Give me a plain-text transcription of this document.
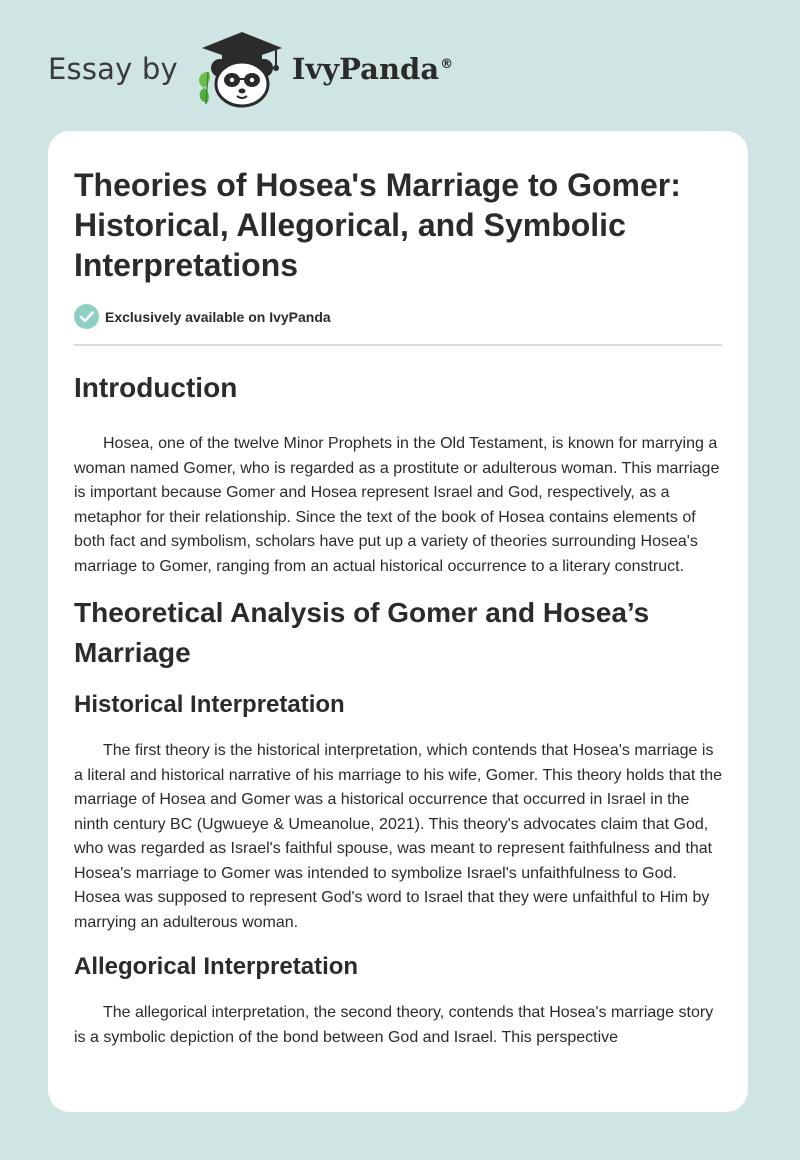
Essay by	IvyPanda®
Theories of Hosea's Marriage to Gomer: Historical, Allegorical, and Symbolic Interpretations
Exclusively available on IvyPanda
Introduction

Hosea, one of the twelve Minor Prophets in the Old Testament, is known for marrying a woman named Gomer, who is regarded as a prostitute or adulterous woman. This marriage is important because Gomer and Hosea represent Israel and God, respectively, as a metaphor for their relationship. Since the text of the book of Hosea contains elements of both fact and symbolism, scholars have put up a variety of theories surrounding Hosea's marriage to Gomer, ranging from an actual historical occurrence to a literary construct.

Theoretical Analysis of Gomer and Hosea’s Marriage
Historical Interpretation

The first theory is the historical interpretation, which contends that Hosea's marriage is a literal and historical narrative of his marriage to his wife, Gomer. This theory holds that the marriage of Hosea and Gomer was a historical occurrence that occurred in Israel in the ninth century BC (Ugwueye & Umeanolue, 2021). This theory's advocates claim that God, who was regarded as Israel's faithful spouse, was meant to represent faithfulness and that Hosea's marriage to Gomer was intended to symbolize Israel's unfaithfulness to God. Hosea was supposed to represent God's word to Israel that they were unfaithful to Him by marrying an adulterous woman.

Allegorical Interpretation

The allegorical interpretation, the second theory, contends that Hosea's marriage story is a symbolic depiction of the bond between God and Israel. This perspective
